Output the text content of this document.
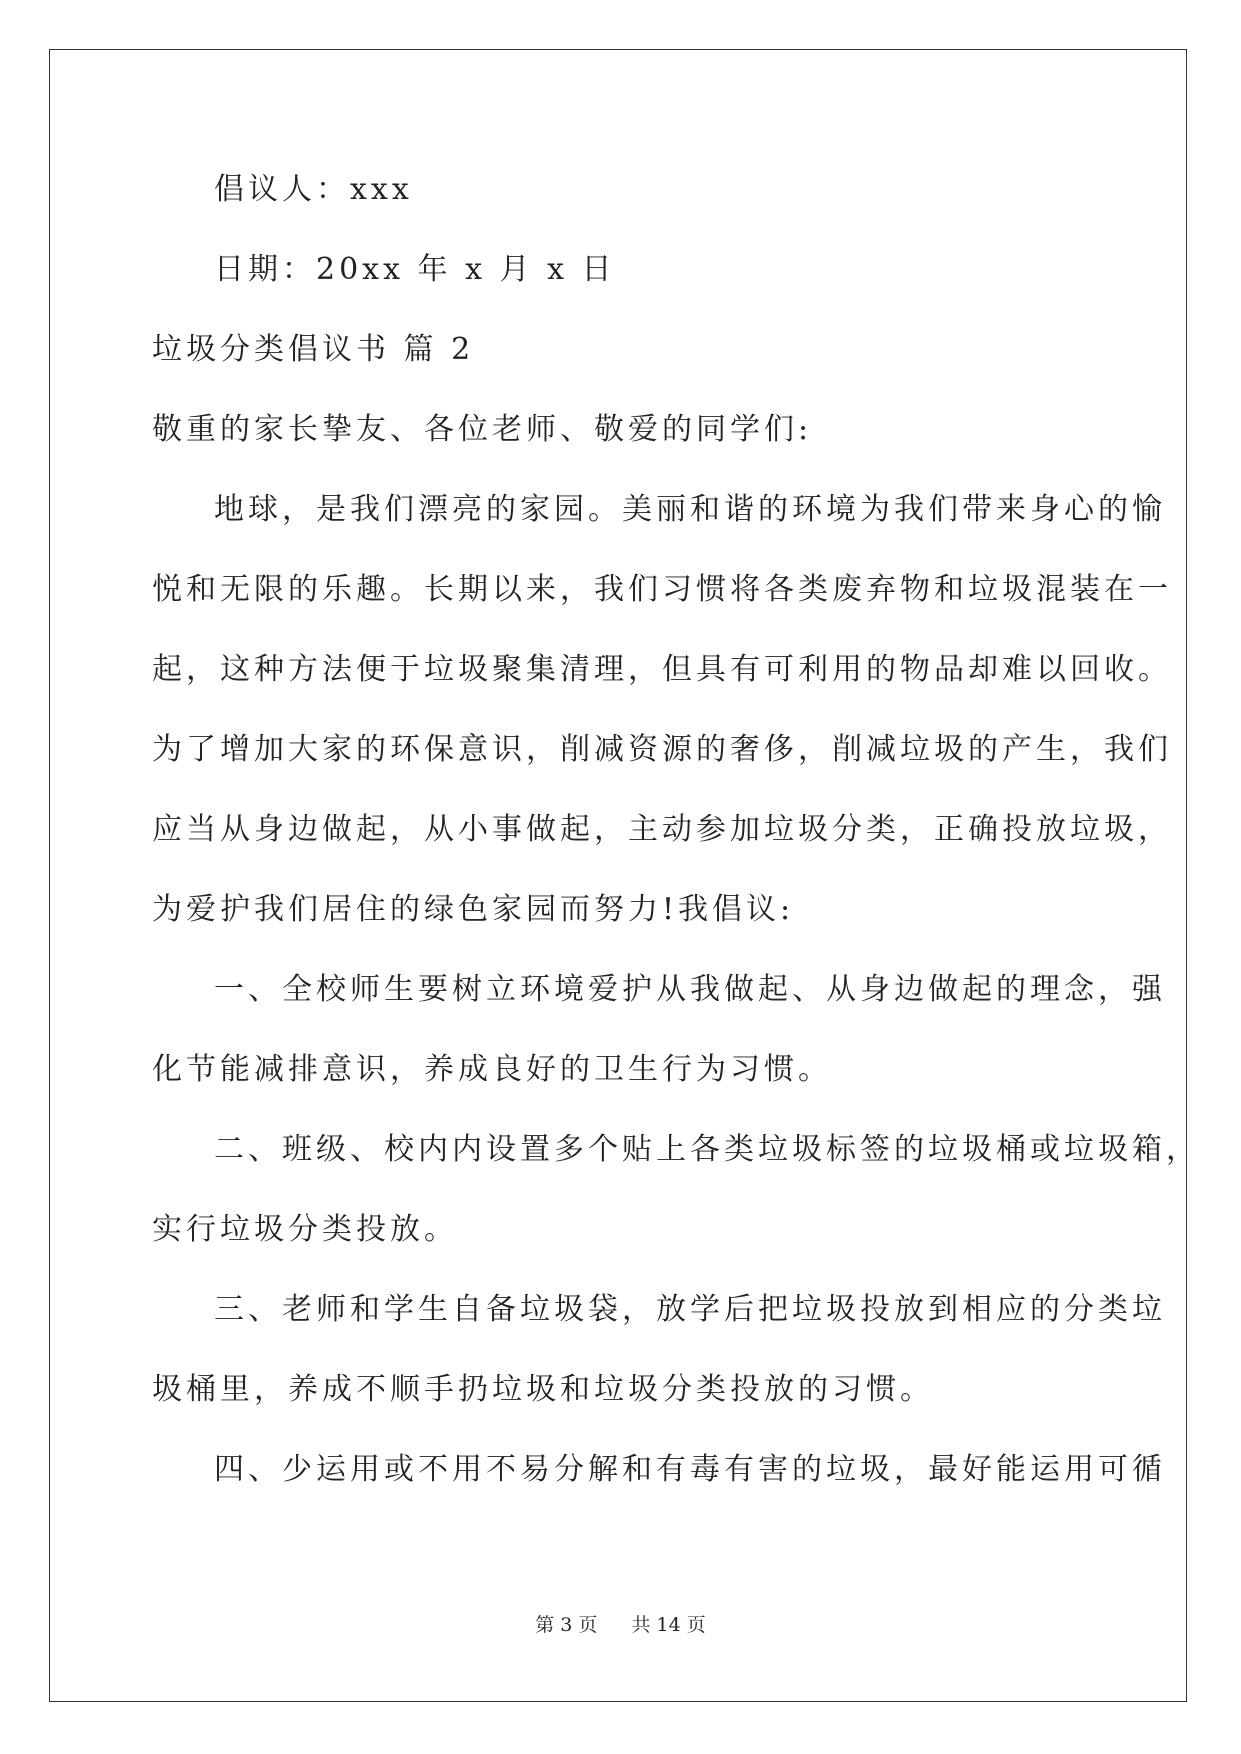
倡议人：xxx
日期：20xx 年 x 月 x 日
垃圾分类倡议书 篇 2
敬重的家长挚友、各位老师、敬爱的同学们:
地球，是我们漂亮的家园。美丽和谐的环境为我们带来身心的愉
悦和无限的乐趣。长期以来，我们习惯将各类废弃物和垃圾混装在一
起，这种方法便于垃圾聚集清理，但具有可利用的物品却难以回收。
为了增加大家的环保意识，削减资源的奢侈，削减垃圾的产生，我们
应当从身边做起，从小事做起，主动参加垃圾分类，正确投放垃圾，
为爱护我们居住的绿色家园而努力!我倡议:
一、全校师生要树立环境爱护从我做起、从身边做起的理念，强
化节能减排意识，养成良好的卫生行为习惯。
二、班级、校内内设置多个贴上各类垃圾标签的垃圾桶或垃圾箱，
实行垃圾分类投放。
三、老师和学生自备垃圾袋，放学后把垃圾投放到相应的分类垃
圾桶里，养成不顺手扔垃圾和垃圾分类投放的习惯。
四、少运用或不用不易分解和有毒有害的垃圾，最好能运用可循
第 3 页 共 14 页
